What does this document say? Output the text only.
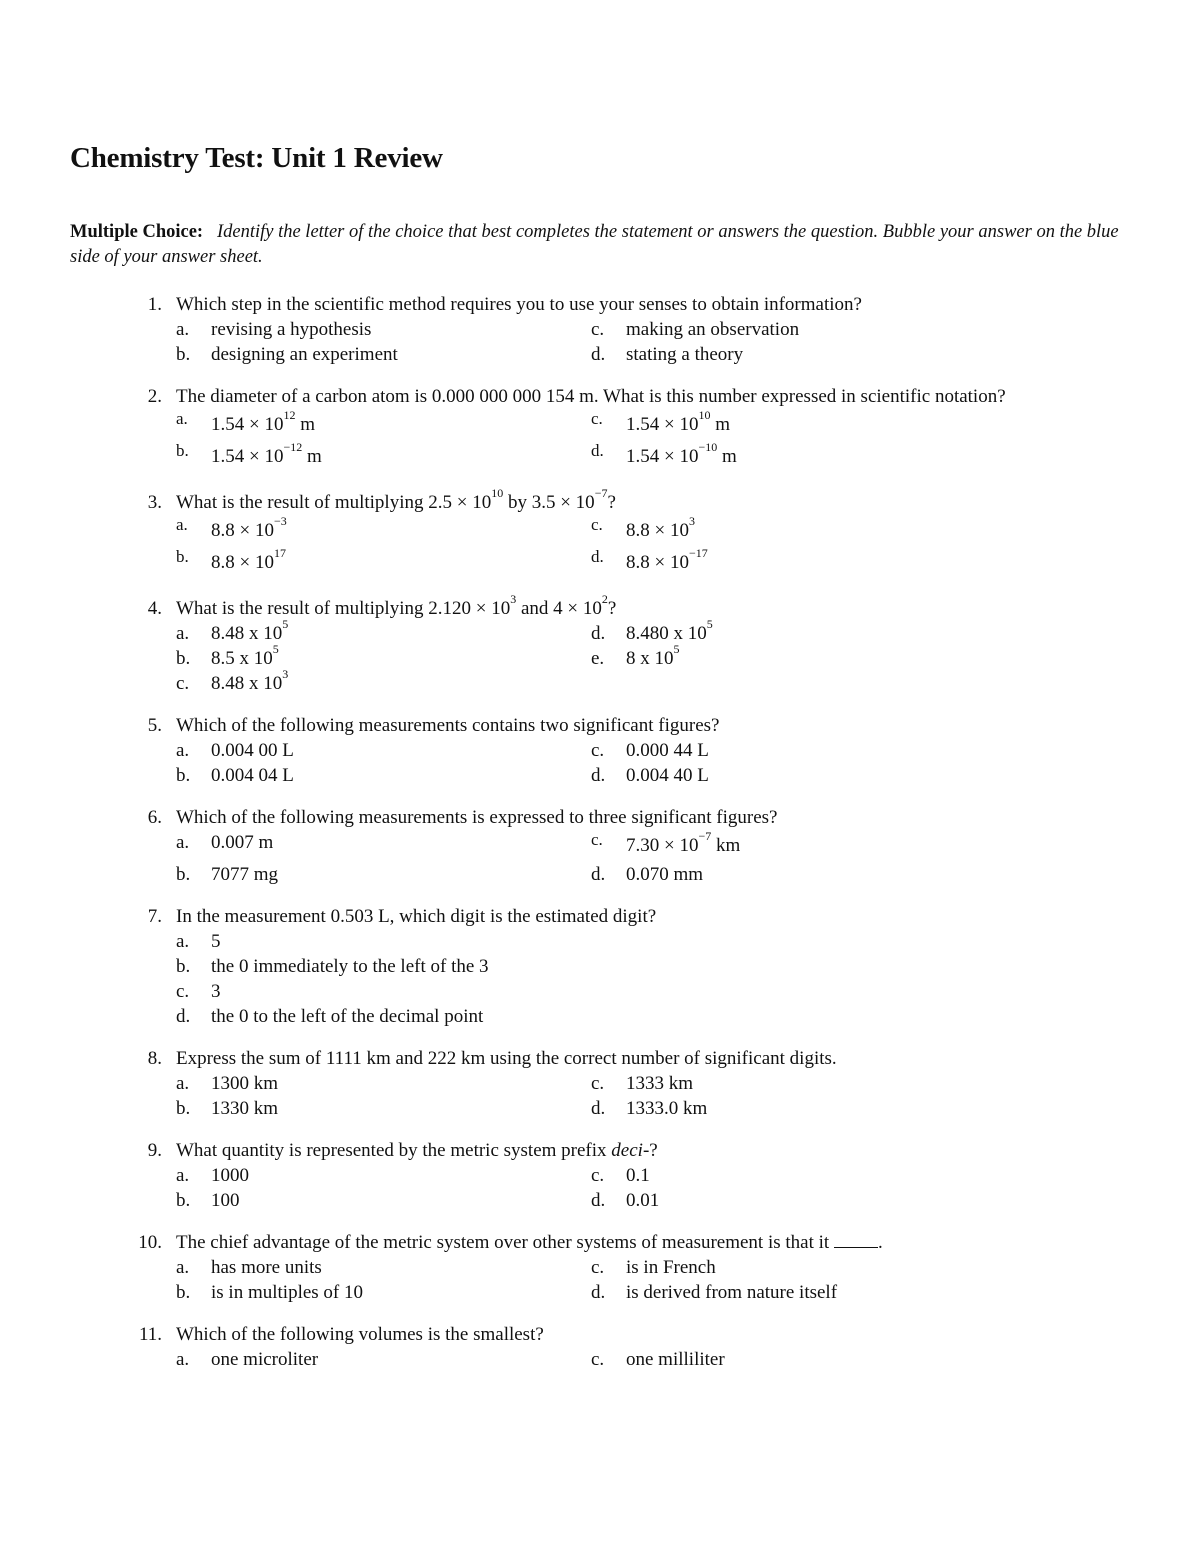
Chemistry Test: Unit 1 Review
Multiple Choice: Identify the letter of the choice that best completes the statement or answers the question. Bubble your answer on the blue side of your answer sheet.
1. Which step in the scientific method requires you to use your senses to obtain information?
a.	revising a hypothesis	c.	making an observation
b.	designing an experiment	d.	stating a theory
2. The diameter of a carbon atom is 0.000 000 000 154 m. What is this number expressed in scientific notation?
a.	$1.54 \times 10^{12}$ m	c.	$1.54 \times 10^{10}$ m
b.	$1.54 \times 10^{-12}$ m	d.	$1.54 \times 10^{-10}$ m
3. What is the result of multiplying $2.5 \times 10^{10}$ by $3.5 \times 10^{-7}$?
a.	$8.8 \times 10^{-3}$	c.	$8.8 \times 10^3$
b.	$8.8 \times 10^{17}$	d.	$8.8 \times 10^{-17}$
4. What is the result of multiplying $2.120 \times 10^3$ and $4 \times 10^2$?
a.	8.48 x $10^5$	d.	8.480 x $10^5$
b.	8.5 x $10^5$	e.	8 x $10^5$
c.	8.48 x $10^3$
5. Which of the following measurements contains two significant figures?
a.	0.004 00 L	c.	0.000 44 L
b.	0.004 04 L	d.	0.004 40 L
6. Which of the following measurements is expressed to three significant figures?
a.	0.007 m	c.	$7.30 \times 10^{-7}$ km
b.	7077 mg	d.	0.070 mm
7. In the measurement 0.503 L, which digit is the estimated digit?
a.	5
b.	the 0 immediately to the left of the 3
c.	3
d.	the 0 to the left of the decimal point
8. Express the sum of 1111 km and 222 km using the correct number of significant digits.
a.	1300 km	c.	1333 km
b.	1330 km	d.	1333.0 km
9. What quantity is represented by the metric system prefix deci-?
a.	1000	c.	0.1
b.	100	d.	0.01
10. The chief advantage of the metric system over other systems of measurement is that it .
a.	has more units	c.	is in French
b.	is in multiples of 10	d.	is derived from nature itself
11. Which of the following volumes is the smallest?
a.	one microliter	c.	one milliliter
